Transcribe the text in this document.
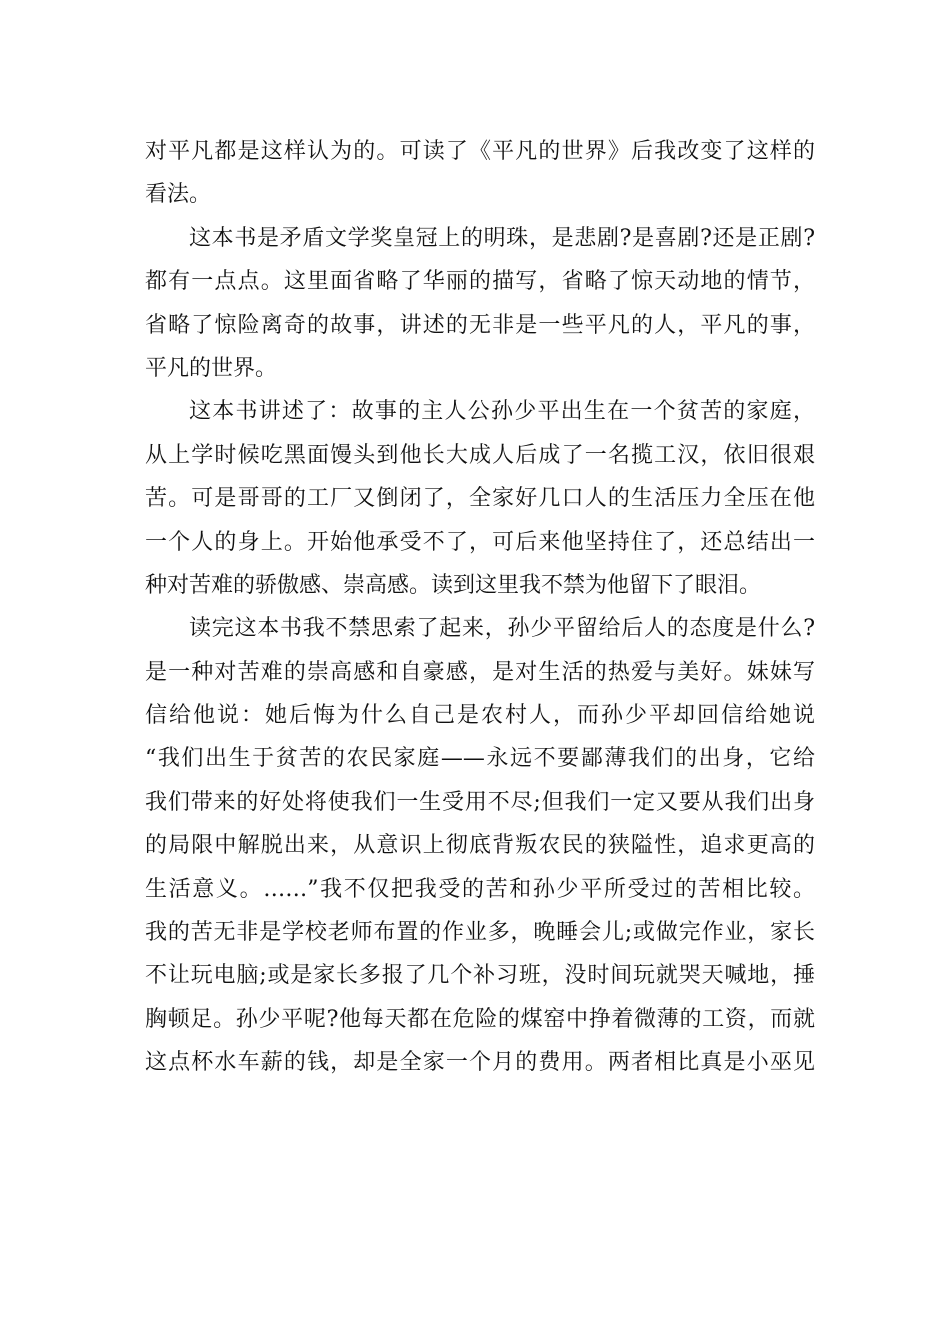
对平凡都是这样认为的。可读了《平凡的世界》后我改变了这样的
看法。
这本书是矛盾文学奖皇冠上的明珠，是悲剧?是喜剧?还是正剧?
都有一点点。这里面省略了华丽的描写，省略了惊天动地的情节，
省略了惊险离奇的故事，讲述的无非是一些平凡的人，平凡的事，
平凡的世界。
这本书讲述了：故事的主人公孙少平出生在一个贫苦的家庭，
从上学时候吃黑面馒头到他长大成人后成了一名揽工汉，依旧很艰
苦。可是哥哥的工厂又倒闭了，全家好几口人的生活压力全压在他
一个人的身上。开始他承受不了，可后来他坚持住了，还总结出一
种对苦难的骄傲感、崇高感。读到这里我不禁为他留下了眼泪。
读完这本书我不禁思索了起来，孙少平留给后人的态度是什么?
是一种对苦难的崇高感和自豪感，是对生活的热爱与美好。妹妹写
信给他说：她后悔为什么自己是农村人，而孙少平却回信给她说
“我们出生于贫苦的农民家庭——永远不要鄙薄我们的出身，它给
我们带来的好处将使我们一生受用不尽;但我们一定又要从我们出身
的局限中解脱出来，从意识上彻底背叛农民的狭隘性，追求更高的
生活意义。……”我不仅把我受的苦和孙少平所受过的苦相比较。
我的苦无非是学校老师布置的作业多，晚睡会儿;或做完作业，家长
不让玩电脑;或是家长多报了几个补习班，没时间玩就哭天喊地，捶
胸顿足。孙少平呢?他每天都在危险的煤窑中挣着微薄的工资，而就
这点杯水车薪的钱，却是全家一个月的费用。两者相比真是小巫见
